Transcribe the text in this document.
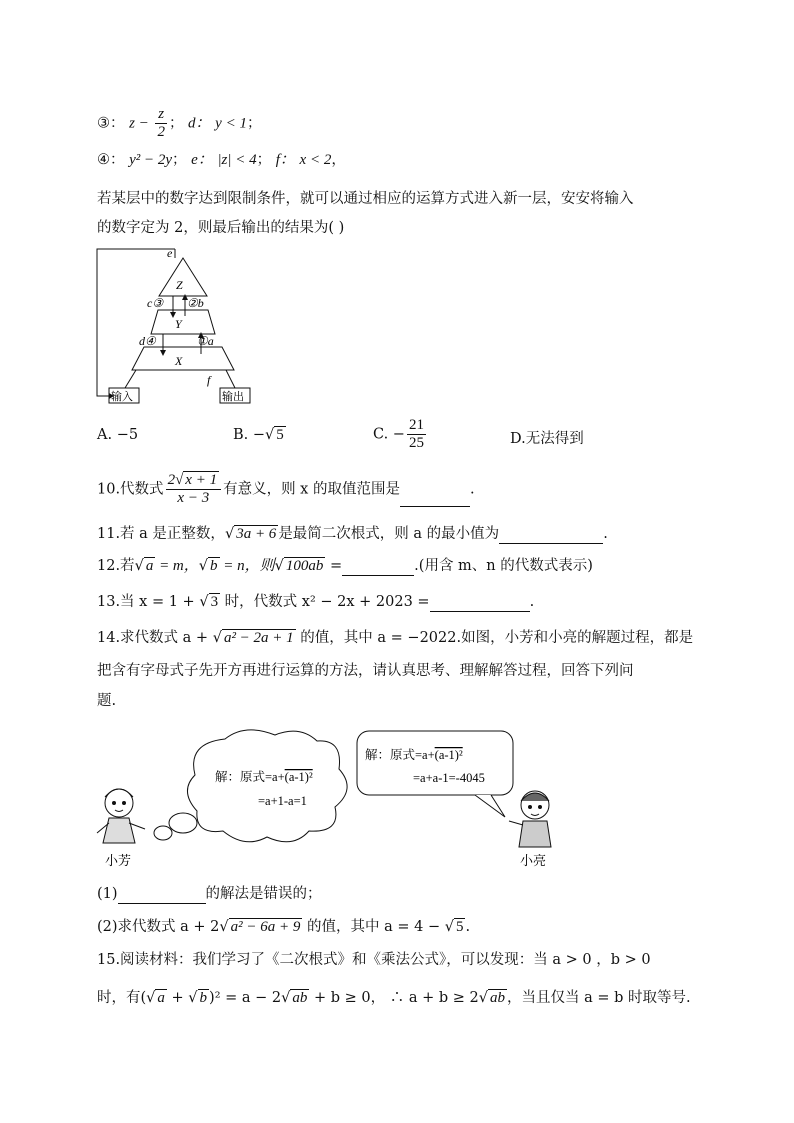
③： $z - \frac{z}{2}$ ； d： y < 1；
④： y² − 2y； e： |z| < 4； f： x < 2，
若某层中的数字达到限制条件，就可以通过相应的运算方式进入新一层，安安将输入
的数字定为 2，则最后输出的结果为( )
e
Z
c③ ②b
Y
d④	①a
X
f
输入	输出
A. −5	B. −√ 5	C. − $\frac{21}{25}$	D.无法得到
10.代数式 $\frac{2√ x + 1}{x - 3}$ 有意义，则 x 的取值范围是	.
11.若 a 是正整数，√ 3a + 6 是最简二次根式，则 a 的最小值为	.
12.若√ a = m，√ b = n，则√ 100ab =	.(用含 m、n 的代数式表示)
13.当 x = 1 + √ 3 时，代数式 x² − 2x + 2023 =	.
14.求代数式 a + √ a² − 2a + 1 的值，其中 a = −2022.如图，小芳和小亮的解题过程，都是
把含有字母式子先开方再进行运算的方法，请认真思考、理解解答过程，回答下列问
题.
解：原式=a+(a-1)²
=a+1-a=1
解：原式=a+(a-1)²
=a+a-1=-4045
小芳	小亮
(1)	的解法是错误的；
(2)求代数式 a + 2√ a² − 6a + 9 的值，其中 a = 4 − √ 5 .
15.阅读材料：我们学习了《二次根式》和《乘法公式》，可以发现：当 a > 0 ，b > 0
时，有(√ a + √ b )² = a − 2√ ab + b ≥ 0， ∴ a + b ≥ 2√ ab ，当且仅当 a = b 时取等号.
